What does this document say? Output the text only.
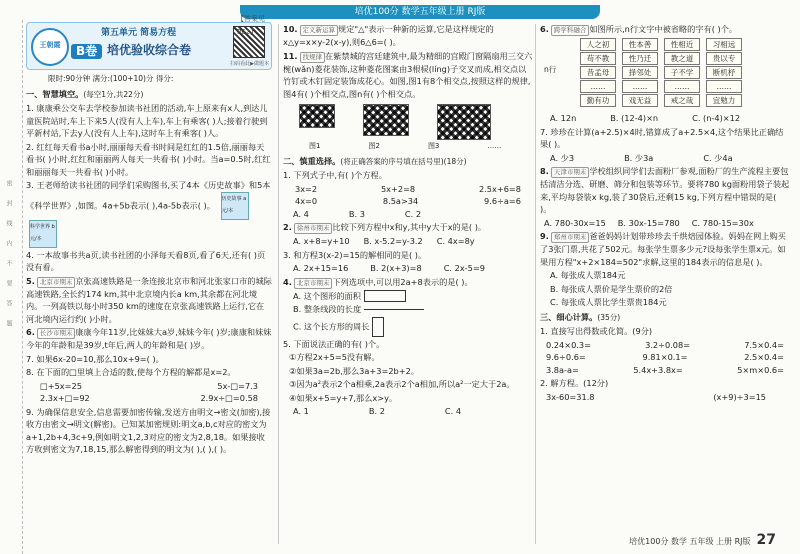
培优100分 数学五年级上册 RJ版
密
封
线
内
不
要
答
题
王朝霞
第五单元 简易方程
B卷 培优验收综合卷
扫码看此▶做题本
【答案见P62】
限时:90分钟 满分:(100+10)分 得分:
一、智慧填空。(每空1分,共22分)
1. 康康乘公交车去学校参加读书社团的活动,车上原来有x人,到达儿童医院站时,车上下来5人(没有人上车),车上有乘客( )人;接着行驶到平新村站,下去y人(没有人上车),这时车上有乘客( )人。
2. 红红每天看书a小时,丽丽每天看书时间是红红的1.5倍,丽丽每天看书( )小时,红红和丽丽两人每天一共看书( )小时。当a=0.5时,红红和丽丽每天一共看书( )小时。
3. 王老师给读书社团的同学们采购图书,买了4本《历史故事》和5本《科学世界》,如图。4a+5b表示( ),4a-5b表示( )。 历史故事 a元/本科学世界 b元/本
4. 一本故事书共a页,读书社团的小泽每天看8页,看了6天,还有( )页没有看。
5. 北京市期末 京张高速铁路是一条连接北京市和河北张家口市的城际高速铁路,全长约174 km,其中北京境内长a km,其余都在河北境内。一列高铁以每小时350 km的速度在京张高速铁路上运行,它在河北境内运行约( )小时。
6. 长沙市期末 康康今年11岁,比妹妹大a岁,妹妹今年( )岁;康康和妹妹今年的年龄和是39岁,t年后,两人的年龄和是( )岁。
7. 如果6x-20=10,那么10x+9=( )。
8. 在下面的□里填上合适的数,使每个方程的解都是x=2。
□+5x=25	5x-□=7.3
2.3x+□=92	2.9x÷□=0.58
9. 为确保信息安全,信息需要加密传输,发送方由明文→密文(加密),接收方由密文→明文(解密)。已知某加密规则:明文a,b,c对应的密文为a+1,2b+4,3c+9,例如明文1,2,3对应的密文为2,8,18。如果接收方收到密文为7,18,15,那么解密得到的明文为( ),( ),( )。
10. 定义新运算 规定"△"表示一种新的运算,它是这样规定的x△y=x×y-2(x-y),则6△6=( )。
11. 找规律 在紫禁城的宫廷建筑中,最为精细的宫殿门窗隔扇用三交六椀(wǎn)菱花装饰,这种菱花图案由3根棂(líng)子交叉而成,相交点以竹钉或木钉固定装饰成花心。如图,图1有8个相交点,按照这样的规律,图4有( )个相交点,图n有( )个相交点。
图1	图2	图3	……
二、慎重选择。(将正确答案的序号填在括号里)(18分)
1. 下列式子中,有( )个方程。
3x=2	5x+2=8	2.5x+6=8
4x=0	8.5a>34	9.6÷a=6
A. 4	B. 3	C. 2
2. 徐州市期末 比较下列方程中x和y,其中y大于x的是( )。
A. x+8=y+10 B. x-5.2=y-3.2 C. 4x=8y
3. 和方程3(x-2)=15的解相同的是( )。
A. 2x+15=16	B. 2(x+3)=8	C. 2x-5=9
4. 北京市期末 下列选项中,可以用2a+8表示的是( )。
A. 这个图形的面积
B. 整条线段的长度
C. 这个长方形的周长
5. 下面说法正确的有( )个。
①方程2x+5=5没有解。
②如果3a=2b,那么3a+3=2b+2。
③因为a²表示2个a相乘,2a表示2个a相加,所以a²一定大于2a。
④如果x+5=y+7,那么x>y。
A. 1	B. 2	C. 4
6. 跨学科融合 如图所示,n行文字中被省略的字有( )个。
n行
人之初	性本善	性相近	习相远
苟不教	性乃迁	教之道	贵以专
昔孟母	择邻处	子不学	断机杼
……	……	……	……
勤有功	戏无益	戒之哉	宜勉力
A. 12n	B. (12-4)×n	C. (n-4)×12
7. 珍珍在计算(a+2.5)×4时,错算成了a+2.5×4,这个结果比正确结果( )。
A. 少3	B. 少3a	C. 少4a
8. 天津市期末 学校组织同学们去面粉厂参观,面粉厂的生产流程主要包括清洁分选、研磨、筛分和包装等环节。要将780 kg面粉用袋子装起来,平均每袋装x kg,装了30袋后,还剩15 kg,下列方程中错误的是( )。
A. 780-30x=15 B. 30x-15=780 C. 780-15=30x
9. 郑州市期末 爸爸妈妈计划带珍珍去千烘焙园体验。妈妈在网上购买了3张门票,共花了502元。每张学生票多少元?设每张学生票x元。如果用方程"x+2×184=502"求解,这里的184表示的信息是( )。
A. 每张成人票184元
B. 每张成人票价是学生票价的2倍
C. 每张成人票比学生票贵184元
三、细心计算。(35分)
1. 直接写出得数或化简。(9分)
0.24×0.3=	3.2÷0.08=	7.5×0.4=
9.6÷0.6=	9.81×0.1=	2.5×0.4=
3.8a-a=	5.4x+3.8x=	5×m×0.6=
2. 解方程。(12分)
3x-60=31.8	(x+9)÷3=15
培优100分 数学 五年级 上册 RJ版 27
